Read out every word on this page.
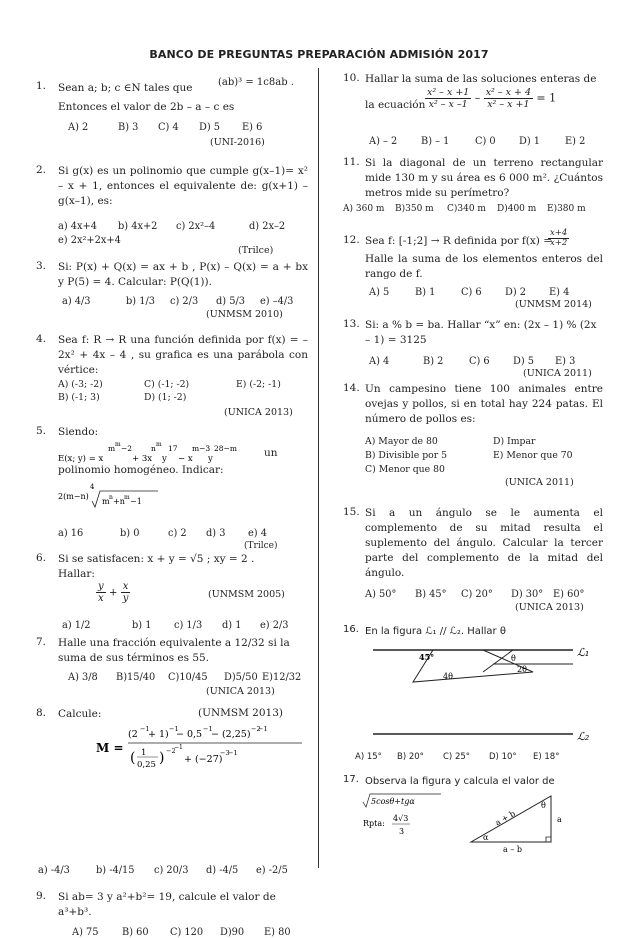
BANCO DE PREGUNTAS PREPARACIÓN ADMISIÓN 2017
1. Sean a; b; c ∈N tales que	(ab)³ = 1c8ab .
Entonces el valor de 2b – a – c es
A) 2	B) 3 C) 4 D) 5 E) 6
(UNI-2016)
2. Si g(x) es un polinomio que cumple g(x–1)= x² – x + 1, entonces el equivalente de: g(x+1) – g(x–1), es:
a) 4x+4 b) 4x+2 c) 2x²–4	d) 2x–2
e) 2x²+2x+4
(Trilce)
3. Si: P(x) + Q(x) = ax + b , P(x) – Q(x) = a + bx y P(5) = 4. Calcular: P(Q(1)).
a) 4/3	b) 1/3 c) 2/3 d) 5/3 e) –4/3
(UNMSM 2010)
4. Sea f: R → R una función definida por f(x) = –2x² + 4x – 4 , su grafica es una parábola con vértice:
A) (-3; -2)	C) (-1; -2)	E) (-2; -1)
B) (-1; 3)	D) (1; -2)
(UNICA 2013)
5. Siendo:
E(x; y) = x
m m −2
+ 3x
n m
y
17
− x
m−3
y
28−m	un
polinomio homogéneo. Indicar:
2(m−n)
4
m n +n m −1
a) 16	b) 0	c) 2 d) 3 e) 4
(Trilce)
6. Si se satisfacen: x + y = √5 ; xy = 2 .
Hallar:
$\frac{y}{x} + \frac{x}{y}$	(UNMSM 2005)
a) 1/2	b) 1 c) 1/3 d) 1 e) 2/3
7. Halle una fracción equivalente a 12/32 si la suma de sus términos es 55.
A) 3/8 B)15/40 C)10/45 D)5/50 E)12/32
(UNICA 2013)
8. Calcule:	(UNMSM 2013)
M =
(2 −1
+ 1) −1
− 0,5 −1
− (2,25) −2
−1
( 1
0,25 ) −2
−1
+ (−27)
−3
−1
a) -4/3	b) -4/15 c) 20/3 d) -4/5 e) -2/5
9. Si ab= 3 y a²+b²= 19, calcule el valor de a³+b³.
A) 75 B) 60 C) 120 D)90 E) 80
10. Hallar la suma de las soluciones enteras de
la ecuación $\frac{\text{x² – x +1}}{\text{x² – x –1}} - \frac{\text{x² – x + 4}}{\text{x² – x +1}} = 1$
A) – 2 B) – 1	C) 0 D) 1	E) 2
11. Si la diagonal de un terreno rectangular mide 130 m y su área es 6 000 m². ¿Cuántos metros mide su perímetro?
A) 360 m B)350 m C)340 m D)400 m E)380 m
12. Sea f: [-1;2] → R definida por f(x) =
$\frac{x+4}{x+2}$
Halle la suma de los elementos enteros del rango de f.
A) 5	B) 1	C) 6 D) 2 E) 4
(UNMSM 2014)
13. Si: a % b = ba. Hallar “x” en: (2x – 1) % (2x – 1) = 3125
A) 4	B) 2	C) 6 D) 5 E) 3
(UNICA 2011)
14. Un campesino tiene 100 animales entre ovejas y pollos, si en total hay 224 patas. El número de pollos es:
A) Mayor de 80	D) Impar
B) Divisible por 5	E) Menor que 70
C) Menor que 80
(UNICA 2011)
15. Si a un ángulo se le aumenta el complemento de su mitad resulta el suplemento del ángulo. Calcular la tercer parte del complemento de la mitad del ángulo.
A) 50° B) 45° C) 20° D) 30° E) 60°
(UNICA 2013)
16. En la figura ℒ₁ // ℒ₂. Hallar θ
45°	θ
2θ
4θ
ℒ₁
ℒ₂
A) 15° B) 20° C) 25° D) 10° E) 18°
17. Observa la figura y calcula el valor de
5cosθ+tgα
Rpta:
4√3
3
a + b	a
a – b
α
θ
